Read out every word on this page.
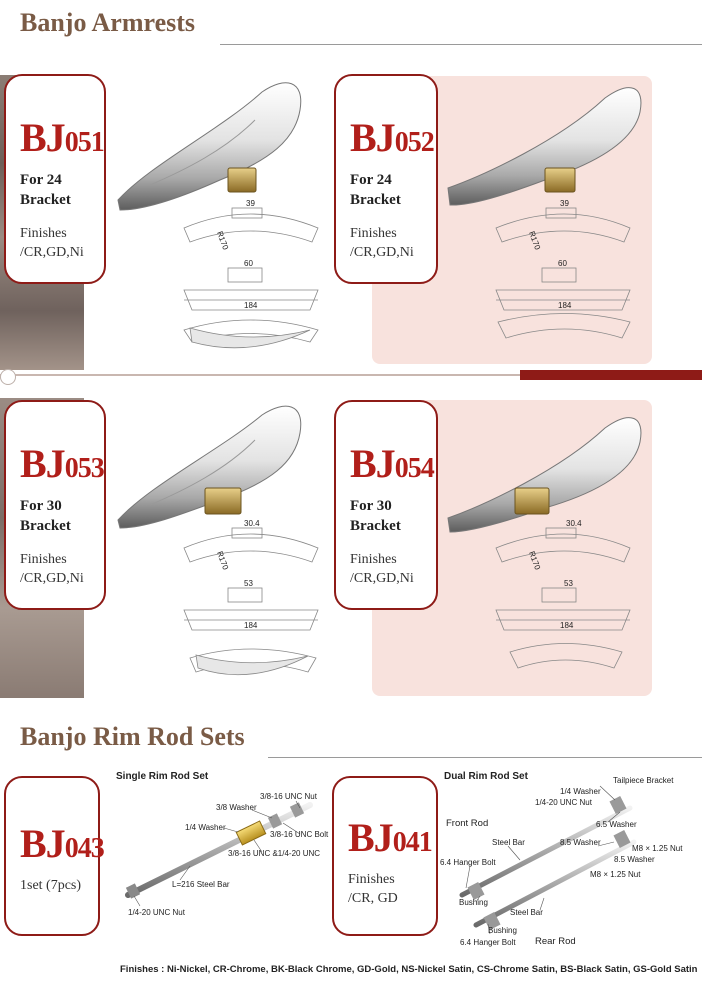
Banjo Armrests
BJ051
For 24 Bracket
Finishes
/CR,GD,Ni
BJ052
For 24 Bracket
Finishes
/CR,GD,Ni
BJ053
For 30 Bracket
Finishes
/CR,GD,Ni
BJ054
For 30 Bracket
Finishes
/CR,GD,Ni
39
60
184
R170
39
60
184
R170
30.4
53
184
R170
30.4
53
184
R170
Banjo Rim Rod Sets
BJ043
1set (7pcs)
BJ041
Finishes
/CR, GD
Single Rim Rod Set
3/8-16 UNC Nut
3/8 Washer
1/4 Washer
3/8-16 UNC Bolt
3/8-16 UNC &1/4-20 UNC
L=216 Steel Bar
1/4-20 UNC Nut
Dual Rim Rod Set	Tailpiece Bracket
1/4 Washer
1/4-20 UNC Nut
Front Rod	6.5 Washer
Steel Bar	8.5 Washer
M8 × 1.25 Nut
8.5 Washer
6.4 Hanger Bolt
M8 × 1.25 Nut
Bushing
Steel Bar
Bushing
6.4 Hanger Bolt Rear Rod
Finishes : Ni-Nickel, CR-Chrome, BK-Black Chrome, GD-Gold, NS-Nickel Satin, CS-Chrome Satin, BS-Black Satin, GS-Gold Satin
